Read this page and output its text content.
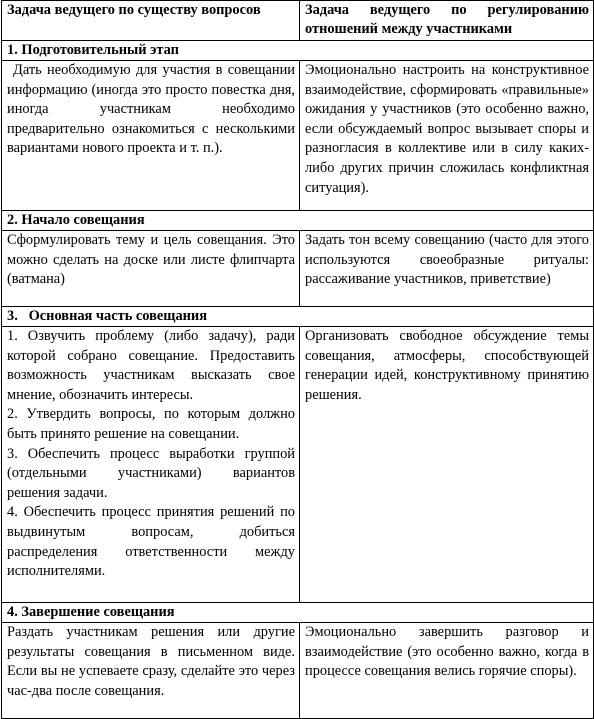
Задача ведущего по существу вопросов	Задача ведущего по регулированию отношений между участниками
1. Подготовительный этап	

Дать необходимую для участия в совещании информацию (иногда это просто повестка дня, иногда участникам необходимо предварительно ознакомиться с несколькими вариантами нового проекта и т. п.).	Эмоционально настроить на конструктивное взаимодействие, сформировать «правильные» ожидания у участников (это особенно важно, если обсуждаемый вопрос вызывает споры и разногласия в коллективе или в силу каких-либо других причин сложилась конфликтная ситуация).

2. Начало совещания	

Сформулировать тему и цель совещания. Это можно сделать на доске или листе флипчарта (ватмана)	Задать тон всему совещанию (часто для этого используются своеобразные ритуалы: рассаживание участников, приветствие)

3.   Основная часть совещания	

1. Озвучить проблему (либо задачу), ради которой собрано совещание. Предоставить возможность участникам высказать свое мнение, обозначить интересы.
2. Утвердить вопросы, по которым должно быть принято решение на совещании.
3. Обеспечить процесс выработки группой (отдельными участниками) вариантов решения задачи.
4. Обеспечить процесс принятия решений по выдвинутым вопросам, добиться распределения ответственности между исполнителями.	Организовать свободное обсуждение темы совещания, атмосферы, способствующей генерации идей, конструктивному принятию решения.

4. Завершение совещания	

Раздать участникам решения или другие результаты совещания в письменном виде. Если вы не успеваете сразу, сделайте это через час-два после совещания.	Эмоционально завершить разговор и взаимодействие (это особенно важно, когда в процессе совещания велись горячие споры).
